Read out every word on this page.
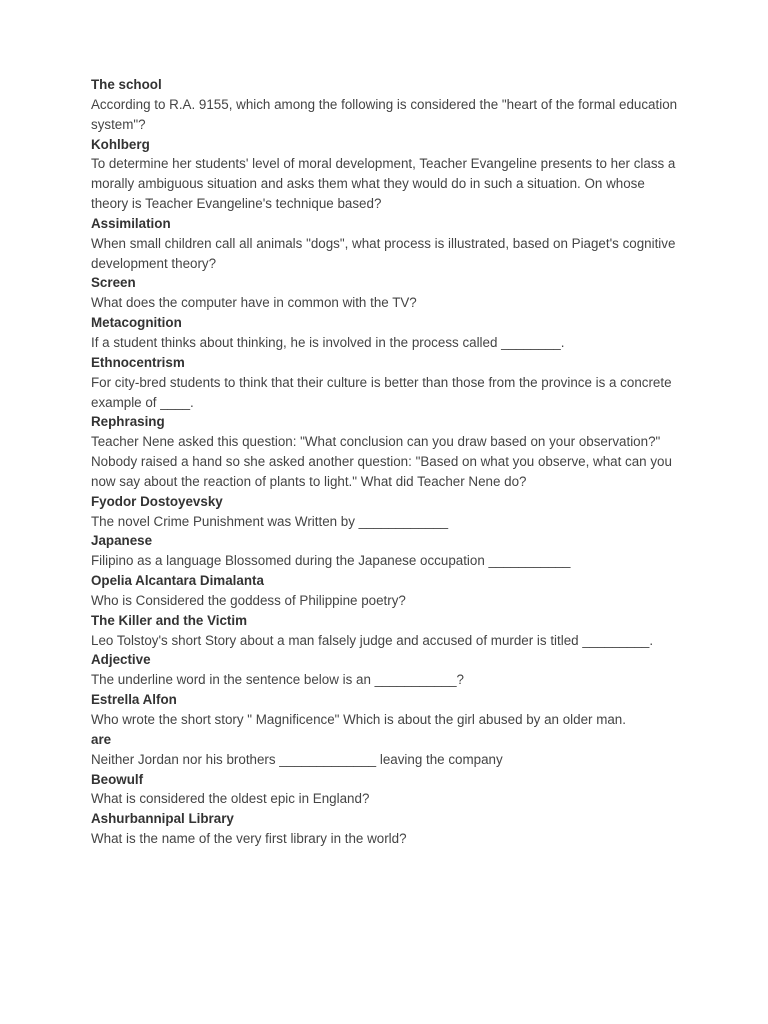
The school
According to R.A. 9155, which among the following is considered the "heart of the formal education system"?
Kohlberg
To determine her students' level of moral development, Teacher Evangeline presents to her class a morally ambiguous situation and asks them what they would do in such a situation. On whose theory is Teacher Evangeline's technique based?
Assimilation
When small children call all animals "dogs", what process is illustrated, based on Piaget's cognitive development theory?
Screen
What does the computer have in common with the TV?
Metacognition
If a student thinks about thinking, he is involved in the process called ________.
Ethnocentrism
For city-bred students to think that their culture is better than those from the province is a concrete example of ____.
Rephrasing
Teacher Nene asked this question: "What conclusion can you draw based on your observation?" Nobody raised a hand so she asked another question: "Based on what you observe, what can you now say about the reaction of plants to light." What did Teacher Nene do?
Fyodor Dostoyevsky
The novel Crime Punishment was Written by ____________
Japanese
Filipino as a language Blossomed during the Japanese occupation ___________
Opelia Alcantara Dimalanta
Who is Considered the goddess of Philippine poetry?
The Killer and the Victim
Leo Tolstoy's short Story about a man falsely judge and accused of murder is titled _________.
Adjective
The underline word in the sentence below is an ___________?
Estrella Alfon
Who wrote the short story " Magnificence" Which is about the girl abused by an older man.
are
Neither Jordan nor his brothers _____________ leaving the company
Beowulf
What is considered the oldest epic in England?
Ashurbannipal Library
What is the name of the very first library in the world?
